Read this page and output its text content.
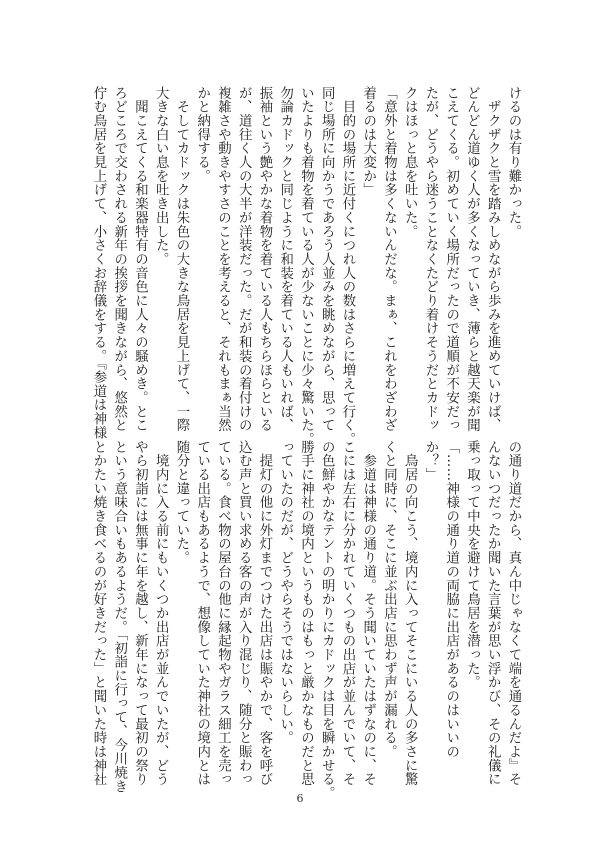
けるのは有り難かった。
　ザクザクと雪を踏みしめながら歩みを進めていけば、
どんどん道ゆく人が多くなっていき、薄らと越天楽が聞
こえてくる。初めていく場所だったので道順が不安だっ
たが、どうやら迷うことなくたどり着けそうだとカドッ
クはほっと息を吐いた。
「意外と着物は多くないんだな。まぁ、これをわざわざ
着るのは大変か」
　目的の場所に近付くにつれ人の数はさらに増えて行く。
同じ場所に向かうであろう人並みを眺めながら、思って
いたよりも着物を着ている人が少ないことに少々驚いた。
勿論カドックと同じように和装を着ている人もいれば、
振袖という艶やかな着物を着ている人もちらほらといる
が、道往く人の大半が洋装だった。だが和装の着付けの
複雑さや動きやすさのことを考えると、それもまぁ当然
かと納得する。
　そしてカドックは朱色の大きな鳥居を見上げて、一際
大きな白い息を吐き出した。
　聞こえてくる和楽器特有の音色に人々の騒めき。とこ
ろどころで交わされる新年の挨拶を聞きながら、悠然と
佇む鳥居を見上げて、小さくお辞儀をする。『参道は神様
の通り道だから、真ん中じゃなくて端を通るんだよ』そ
んないつだったか聞いた言葉が思い浮かび、その礼儀に
乗っ取って中央を避けて鳥居を潜った。
「……神様の通り道の両脇に出店があるのはいいの
か？」
　鳥居の向こう、境内に入ってそこにいる人の多さに驚
くと同時に、そこに並ぶ出店に思わず声が漏れる。
　参道は神様の通り道。そう聞いていたはずなのに、そ
こには左右に分かれていくつもの出店が並んでいて、そ
の色鮮やかなテントの明かりにカドックは目を瞬かせる。
勝手に神社の境内というものはもっと厳かなものだと思
っていたのだが、どうやらそうではないらしい。
　提灯の他に外灯までつけた出店は賑やかで、客を呼び
込む声と買い求める客の声が入り混じり、随分と賑わっ
ている。食べ物の屋台の他に縁起物やガラス細工を売っ
ている出店もあるようで、想像していた神社の境内とは
随分と違っていた。
　境内に入る前にもいくつか出店が並んでいたが、どう
やら初詣には無事に年を越し、新年になって最初の祭り
という意味合いもあるようだ。「初詣に行って、今川焼き
とかたい焼き食べるのが好きだった」と聞いた時は神社
6
